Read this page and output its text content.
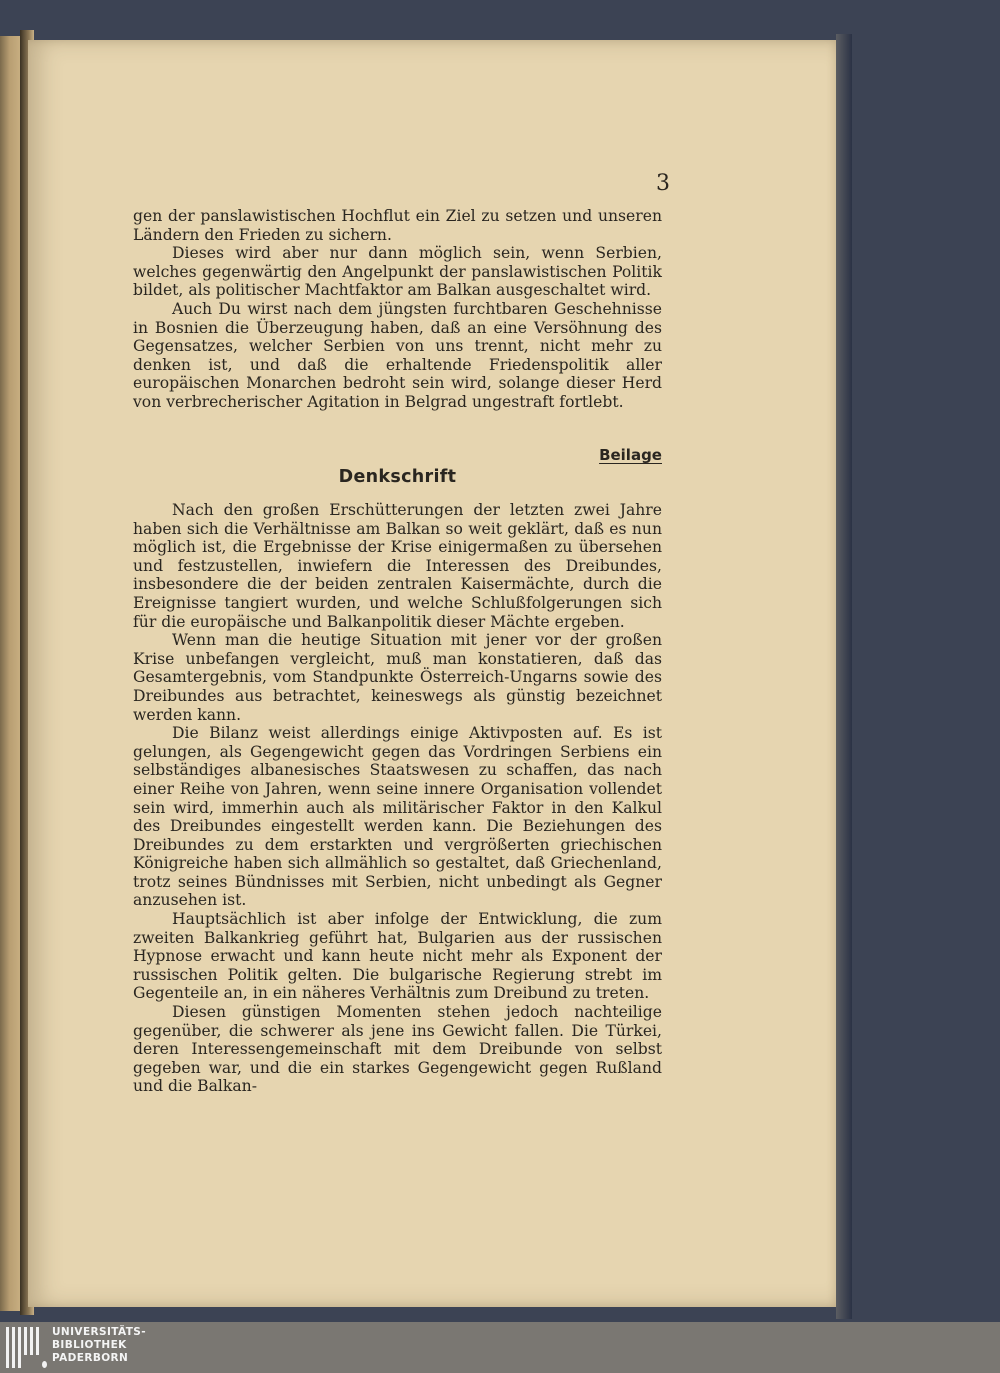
3

gen der panslawistischen Hochflut ein Ziel zu setzen und unseren Ländern den Frieden zu sichern.

Dieses wird aber nur dann möglich sein, wenn Serbien, welches gegenwärtig den Angelpunkt der panslawistischen Politik bildet, als politischer Machtfaktor am Balkan ausgeschaltet wird.

Auch Du wirst nach dem jüngsten furchtbaren Geschehnisse in Bosnien die Überzeugung haben, daß an eine Versöhnung des Gegensatzes, welcher Serbien von uns trennt, nicht mehr zu denken ist, und daß die erhaltende Friedenspolitik aller europäischen Monarchen bedroht sein wird, solange dieser Herd von verbrecherischer Agitation in Belgrad ungestraft fortlebt.

Beilage
Denkschrift

Nach den großen Erschütterungen der letzten zwei Jahre haben sich die Verhältnisse am Balkan so weit geklärt, daß es nun möglich ist, die Ergebnisse der Krise einigermaßen zu übersehen und festzustellen, inwiefern die Interessen des Dreibundes, insbesondere die der beiden zentralen Kaisermächte, durch die Ereignisse tangiert wurden, und welche Schlußfolgerungen sich für die europäische und Balkanpolitik dieser Mächte ergeben.

Wenn man die heutige Situation mit jener vor der großen Krise unbefangen vergleicht, muß man konstatieren, daß das Gesamtergebnis, vom Standpunkte Österreich-Ungarns sowie des Dreibundes aus betrachtet, keineswegs als günstig bezeichnet werden kann.

Die Bilanz weist allerdings einige Aktivposten auf. Es ist gelungen, als Gegengewicht gegen das Vordringen Serbiens ein selbständiges albanesisches Staatswesen zu schaffen, das nach einer Reihe von Jahren, wenn seine innere Organisation vollendet sein wird, immerhin auch als militärischer Faktor in den Kalkul des Dreibundes eingestellt werden kann. Die Beziehungen des Dreibundes zu dem erstarkten und vergrößerten griechischen Königreiche haben sich allmählich so gestaltet, daß Griechenland, trotz seines Bündnisses mit Serbien, nicht unbedingt als Gegner anzusehen ist.

Hauptsächlich ist aber infolge der Entwicklung, die zum zweiten Balkankrieg geführt hat, Bulgarien aus der russischen Hypnose erwacht und kann heute nicht mehr als Exponent der russischen Politik gelten. Die bulgarische Regierung strebt im Gegenteile an, in ein näheres Verhältnis zum Dreibund zu treten.

Diesen günstigen Momenten stehen jedoch nachteilige gegenüber, die schwerer als jene ins Gewicht fallen. Die Türkei, deren Interessengemeinschaft mit dem Dreibunde von selbst gegeben war, und die ein starkes Gegengewicht gegen Rußland und die Balkan-

UNIVERSITÄTS-
BIBLIOTHEK
PADERBORN
